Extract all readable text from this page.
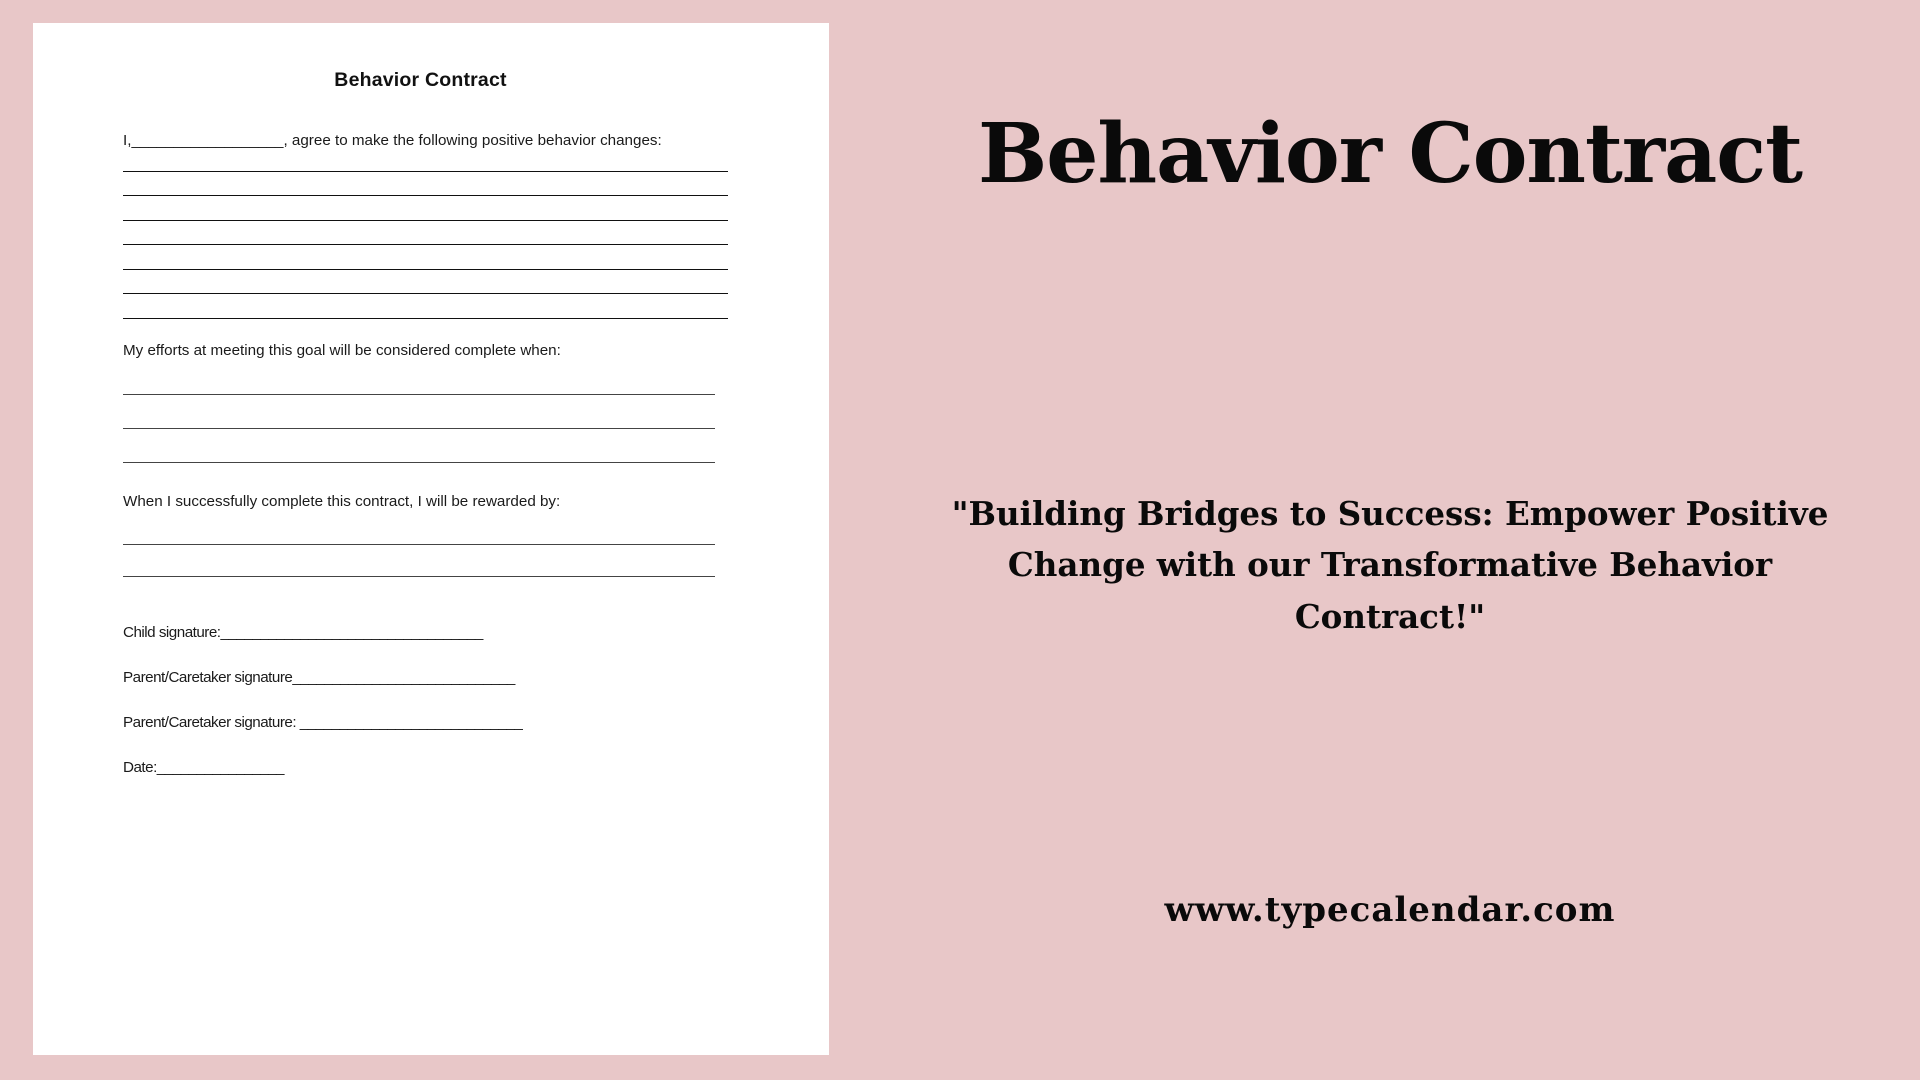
Behavior Contract

I,__________________, agree to make the following positive behavior changes:

My efforts at meeting this goal will be considered complete when:

When I successfully complete this contract, I will be rewarded by:

Child signature:_________________________________
Parent/Caretaker signature____________________________
Parent/Caretaker signature: ____________________________
Date:________________
Behavior Contract
"Building Bridges to Success: Empower Positive Change with our Transformative Behavior Contract!"
www.typecalendar.com
